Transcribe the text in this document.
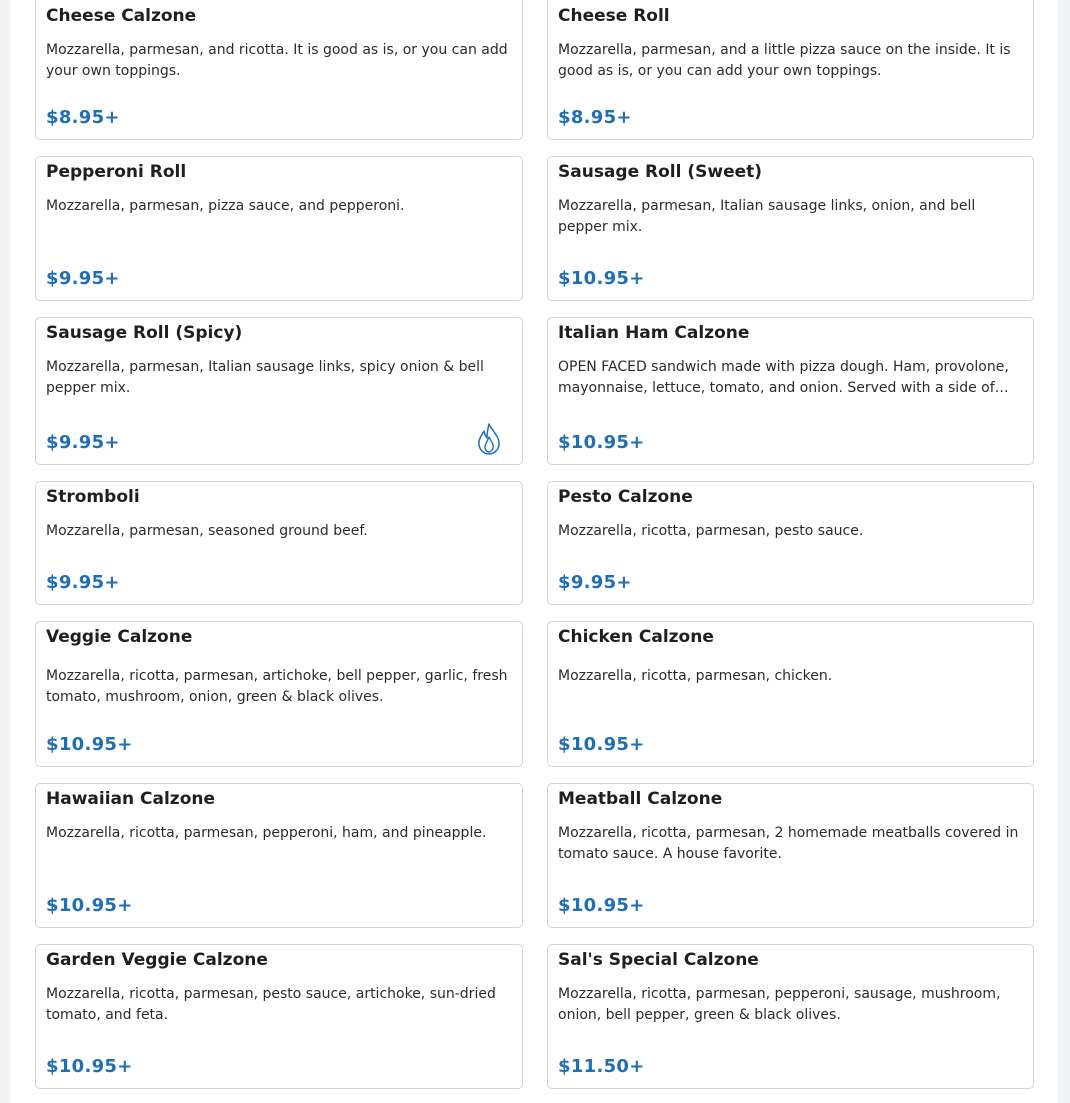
Cheese Calzone
Mozzarella, parmesan, and ricotta. It is good as is, or you can add your own toppings.
$8.95+
Cheese Roll
Mozzarella, parmesan, and a little pizza sauce on the inside. It is good as is, or you can add your own toppings.
$8.95+
Pepperoni Roll
Mozzarella, parmesan, pizza sauce, and pepperoni.
$9.95+
Sausage Roll (Sweet)
Mozzarella, parmesan, Italian sausage links, onion, and bell pepper mix.
$10.95+
Sausage Roll (Spicy)
Mozzarella, parmesan, Italian sausage links, spicy onion & bell pepper mix.
$9.95+
Italian Ham Calzone
OPEN FACED sandwich made with pizza dough. Ham, provolone, mayonnaise, lettuce, tomato, and onion. Served with a side of…
$10.95+
Stromboli
Mozzarella, parmesan, seasoned ground beef.
$9.95+
Pesto Calzone
Mozzarella, ricotta, parmesan, pesto sauce.
$9.95+
Veggie Calzone
Mozzarella, ricotta, parmesan, artichoke, bell pepper, garlic, fresh tomato, mushroom, onion, green & black olives.
$10.95+
Chicken Calzone
Mozzarella, ricotta, parmesan, chicken.
$10.95+
Hawaiian Calzone
Mozzarella, ricotta, parmesan, pepperoni, ham, and pineapple.
$10.95+
Meatball Calzone
Mozzarella, ricotta, parmesan, 2 homemade meatballs covered in tomato sauce. A house favorite.
$10.95+
Garden Veggie Calzone
Mozzarella, ricotta, parmesan, pesto sauce, artichoke, sun-dried tomato, and feta.
$10.95+
Sal's Special Calzone
Mozzarella, ricotta, parmesan, pepperoni, sausage, mushroom, onion, bell pepper, green & black olives.
$11.50+
